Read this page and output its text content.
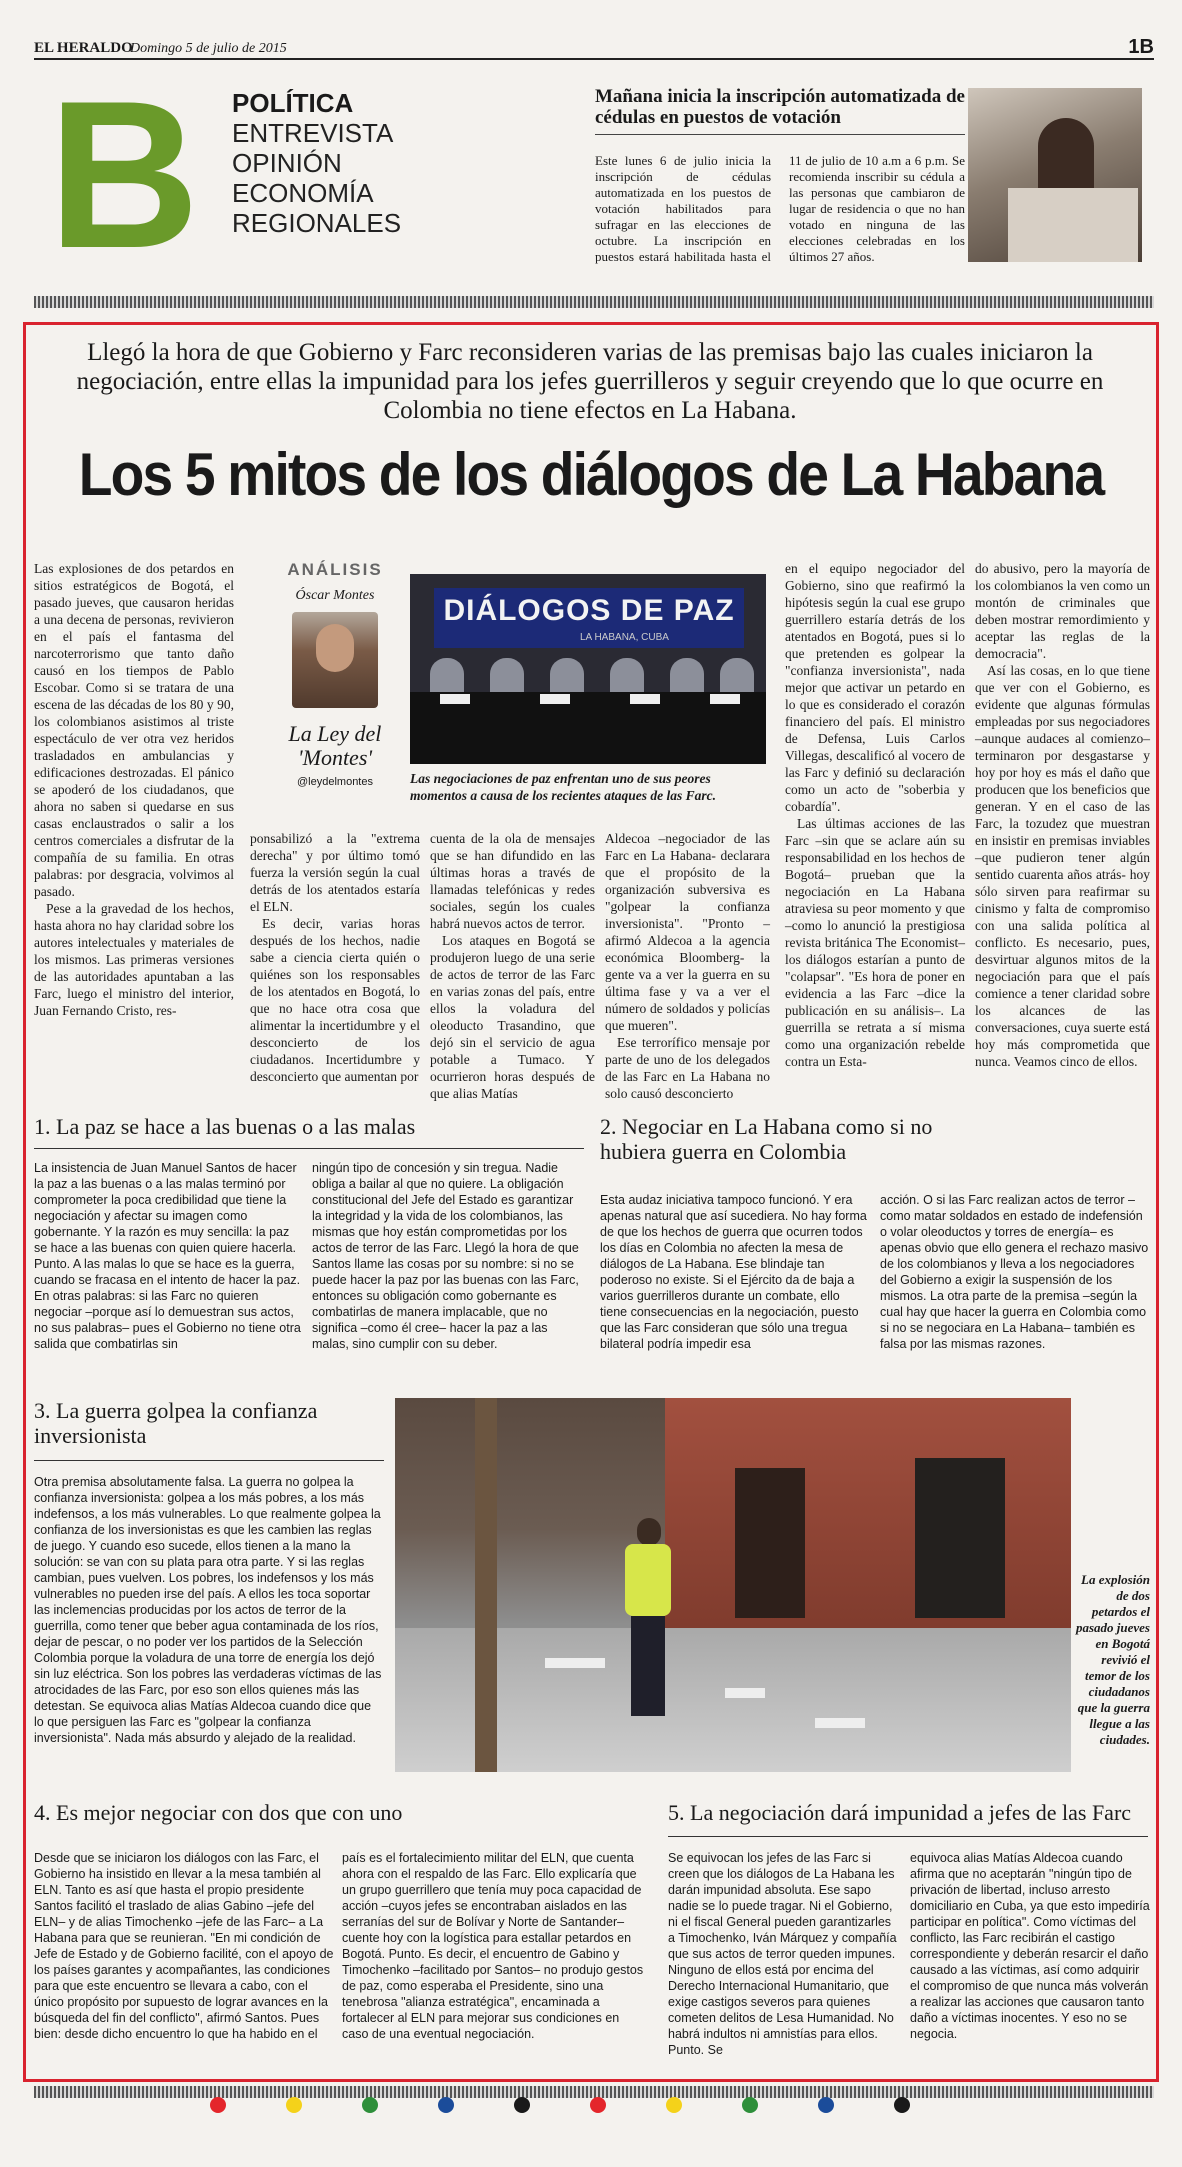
EL HERALDO
Domingo 5 de julio de 2015	1B
B	POLÍTICA
ENTREVISTA
OPINIÓN
ECONOMÍA
REGIONALES
Mañana inicia la inscripción automatizada de cédulas en puestos de votación
Este lunes 6 de julio inicia la inscripción de cédulas automatizada en los puestos de votación habilitados para sufragar en las elecciones de octubre. La inscripción en puestos estará habilitada hasta el 11 de julio de 10 a.m a 6 p.m. Se recomienda inscribir su cédula a las personas que cambiaron de lugar de residencia o que no han votado en ninguna de las elecciones celebradas en los últimos 27 años.
Llegó la hora de que Gobierno y Farc reconsideren varias de las premisas bajo las cuales iniciaron la negociación, entre ellas la impunidad para los jefes guerrilleros y seguir creyendo que lo que ocurre en Colombia no tiene efectos en La Habana.
Los 5 mitos de los diálogos de La Habana
Las explosiones de dos petardos en sitios estratégicos de Bogotá, el pasado jueves, que causaron heridas a una decena de personas, revivieron en el país el fantasma del narcoterrorismo que tanto daño causó en los tiempos de Pablo Escobar. Como si se tratara de una escena de las décadas de los 80 y 90, los colombianos asistimos al triste espectáculo de ver otra vez heridos trasladados en ambulancias y edificaciones destrozadas. El pánico se apoderó de los ciudadanos, que ahora no saben si quedarse en sus casas enclaustrados o salir a los centros comerciales a disfrutar de la compañía de su familia. En otras palabras: por desgracia, volvimos al pasado.

Pese a la gravedad de los hechos, hasta ahora no hay claridad sobre los autores intelectuales y materiales de los mismos. Las primeras versiones de las autoridades apuntaban a las Farc, luego el ministro del interior, Juan Fernando Cristo, res-

ANÁLISIS
Óscar Montes
La Ley del 'Montes'
@leydelmontes
DIÁLOGOS DE PAZ
LA HABANA, CUBA
Las negociaciones de paz enfrentan uno de sus peores momentos a causa de los recientes ataques de las Farc.
ponsabilizó a la "extrema derecha" y por último tomó fuerza la versión según la cual detrás de los atentados estaría el ELN.

Es decir, varias horas después de los hechos, nadie sabe a ciencia cierta quién o quiénes son los responsables de los atentados en Bogotá, lo que no hace otra cosa que alimentar la incertidumbre y el desconcierto de los ciudadanos. Incertidumbre y desconcierto que aumentan por

cuenta de la ola de mensajes que se han difundido en las últimas horas a través de llamadas telefónicas y redes sociales, según los cuales habrá nuevos actos de terror.

Los ataques en Bogotá se produjeron luego de una serie de actos de terror de las Farc en varias zonas del país, entre ellos la voladura del oleoducto Trasandino, que dejó sin el servicio de agua potable a Tumaco. Y ocurrieron horas después de que alias Matías

Aldecoa –negociador de las Farc en La Habana- declarara que el propósito de la organización subversiva es "golpear la confianza inversionista". "Pronto –afirmó Aldecoa a la agencia económica Bloomberg- la gente va a ver la guerra en su última fase y va a ver el número de soldados y policías que mueren".

Ese terrorífico mensaje por parte de uno de los delegados de las Farc en La Habana no solo causó desconcierto

en el equipo negociador del Gobierno, sino que reafirmó la hipótesis según la cual ese grupo guerrillero estaría detrás de los atentados en Bogotá, pues si lo que pretenden es golpear la "confianza inversionista", nada mejor que activar un petardo en lo que es considerado el corazón financiero del país. El ministro de Defensa, Luis Carlos Villegas, descalificó al vocero de las Farc y definió su declaración como un acto de "soberbia y cobardía".

Las últimas acciones de las Farc –sin que se aclare aún su responsabilidad en los hechos de Bogotá– prueban que la negociación en La Habana atraviesa su peor momento y que –como lo anunció la prestigiosa revista británica The Economist– los diálogos estarían a punto de "colapsar". "Es hora de poner en evidencia a las Farc –dice la publicación en su análisis–. La guerrilla se retrata a sí misma como una organización rebelde contra un Esta-

do abusivo, pero la mayoría de los colombianos la ven como un montón de criminales que deben mostrar remordimiento y aceptar las reglas de la democracia".

Así las cosas, en lo que tiene que ver con el Gobierno, es evidente que algunas fórmulas empleadas por sus negociadores –aunque audaces al comienzo– terminaron por desgastarse y hoy por hoy es más el daño que producen que los beneficios que generan. Y en el caso de las Farc, la tozudez que muestran en insistir en premisas inviables –que pudieron tener algún sentido cuarenta años atrás- hoy sólo sirven para reafirmar su cinismo y falta de compromiso con una salida política al conflicto. Es necesario, pues, desvirtuar algunos mitos de la negociación para que el país comience a tener claridad sobre los alcances de las conversaciones, cuya suerte está hoy más comprometida que nunca. Veamos cinco de ellos.

1. La paz se hace a las buenas o a las malas
La insistencia de Juan Manuel Santos de hacer la paz a las buenas o a las malas terminó por comprometer la poca credibilidad que tiene la negociación y afectar su imagen como gobernante. Y la razón es muy sencilla: la paz se hace a las buenas con quien quiere hacerla. Punto. A las malas lo que se hace es la guerra, cuando se fracasa en el intento de hacer la paz. En otras palabras: si las Farc no quieren negociar –porque así lo demuestran sus actos, no sus palabras– pues el Gobierno no tiene otra salida que combatirlas sin
ningún tipo de concesión y sin tregua. Nadie obliga a bailar al que no quiere. La obligación constitucional del Jefe del Estado es garantizar la integridad y la vida de los colombianos, las mismas que hoy están comprometidas por los actos de terror de las Farc. Llegó la hora de que Santos llame las cosas por su nombre: si no se puede hacer la paz por las buenas con las Farc, entonces su obligación como gobernante es combatirlas de manera implacable, que no significa –como él cree– hacer la paz a las malas, sino cumplir con su deber.
2. Negociar en La Habana como si no hubiera guerra en Colombia
Esta audaz iniciativa tampoco funcionó. Y era apenas natural que así sucediera. No hay forma de que los hechos de guerra que ocurren todos los días en Colombia no afecten la mesa de diálogos de La Habana. Ese blindaje tan poderoso no existe. Si el Ejército da de baja a varios guerrilleros durante un combate, ello tiene consecuencias en la negociación, puesto que las Farc consideran que sólo una tregua bilateral podría impedir esa
acción. O si las Farc realizan actos de terror –como matar soldados en estado de indefensión o volar oleoductos y torres de energía– es apenas obvio que ello genera el rechazo masivo de los colombianos y lleva a los negociadores del Gobierno a exigir la suspensión de los mismos. La otra parte de la premisa –según la cual hay que hacer la guerra en Colombia como si no se negociara en La Habana– también es falsa por las mismas razones.
3. La guerra golpea la confianza inversionista
Otra premisa absolutamente falsa. La guerra no golpea la confianza inversionista: golpea a los más pobres, a los más indefensos, a los más vulnerables. Lo que realmente golpea la confianza de los inversionistas es que les cambien las reglas de juego. Y cuando eso sucede, ellos tienen a la mano la solución: se van con su plata para otra parte. Y si las reglas cambian, pues vuelven. Los pobres, los indefensos y los más vulnerables no pueden irse del país. A ellos les toca soportar las inclemencias producidas por los actos de terror de la guerrilla, como tener que beber agua contaminada de los ríos, dejar de pescar, o no poder ver los partidos de la Selección Colombia porque la voladura de una torre de energía los dejó sin luz eléctrica. Son los pobres las verdaderas víctimas de las atrocidades de las Farc, por eso son ellos quienes más las detestan. Se equivoca alias Matías Aldecoa cuando dice que lo que persiguen las Farc es "golpear la confianza inversionista". Nada más absurdo y alejado de la realidad.
La explosión de dos petardos el pasado jueves en Bogotá revivió el temor de los ciudadanos que la guerra llegue a las ciudades.
4. Es mejor negociar con dos que con uno
Desde que se iniciaron los diálogos con las Farc, el Gobierno ha insistido en llevar a la mesa también al ELN. Tanto es así que hasta el propio presidente Santos facilitó el traslado de alias Gabino –jefe del ELN– y de alias Timochenko –jefe de las Farc– a La Habana para que se reunieran. "En mi condición de Jefe de Estado y de Gobierno facilité, con el apoyo de los países garantes y acompañantes, las condiciones para que este encuentro se llevara a cabo, con el único propósito por supuesto de lograr avances en la búsqueda del fin del conflicto", afirmó Santos. Pues bien: desde dicho encuentro lo que ha habido en el
país es el fortalecimiento militar del ELN, que cuenta ahora con el respaldo de las Farc. Ello explicaría que un grupo guerrillero que tenía muy poca capacidad de acción –cuyos jefes se encontraban aislados en las serranías del sur de Bolívar y Norte de Santander– cuente hoy con la logística para estallar petardos en Bogotá. Punto. Es decir, el encuentro de Gabino y Timochenko –facilitado por Santos– no produjo gestos de paz, como esperaba el Presidente, sino una tenebrosa "alianza estratégica", encaminada a fortalecer al ELN para mejorar sus condiciones en caso de una eventual negociación.
5. La negociación dará impunidad a jefes de las Farc
Se equivocan los jefes de las Farc si creen que los diálogos de La Habana les darán impunidad absoluta. Ese sapo nadie se lo puede tragar. Ni el Gobierno, ni el fiscal General pueden garantizarles a Timochenko, Iván Márquez y compañía que sus actos de terror queden impunes. Ninguno de ellos está por encima del Derecho Internacional Humanitario, que exige castigos severos para quienes cometen delitos de Lesa Humanidad. No habrá indultos ni amnistías para ellos. Punto. Se
equivoca alias Matías Aldecoa cuando afirma que no aceptarán "ningún tipo de privación de libertad, incluso arresto domiciliario en Cuba, ya que esto impediría participar en política". Como víctimas del conflicto, las Farc recibirán el castigo correspondiente y deberán resarcir el daño causado a las víctimas, así como adquirir el compromiso de que nunca más volverán a realizar las acciones que causaron tanto daño a víctimas inocentes. Y eso no se negocia.
